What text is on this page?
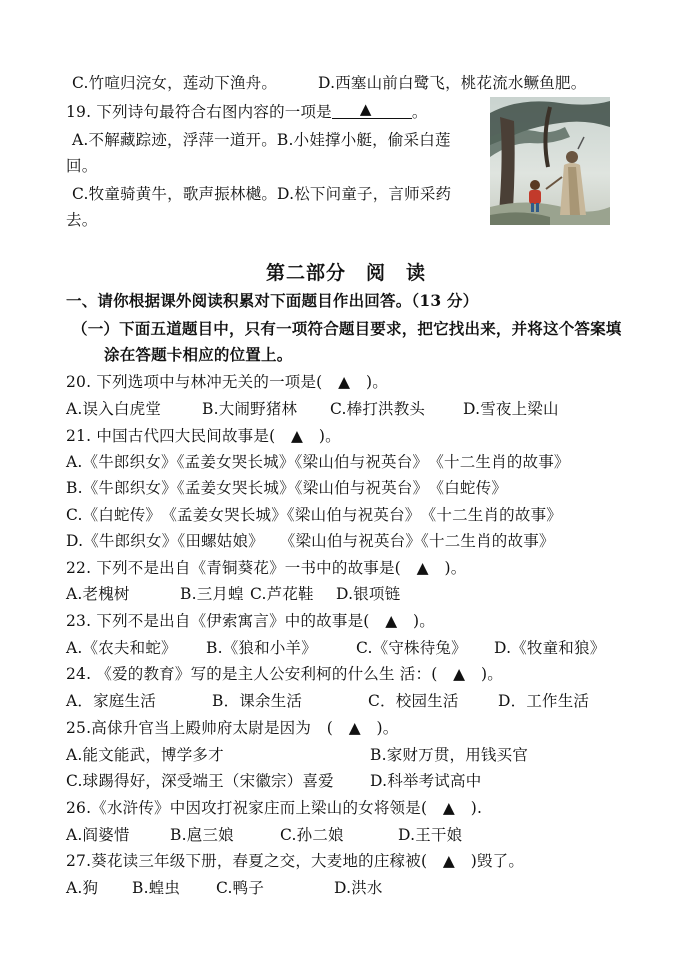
C.竹喧归浣女，莲动下渔舟。	D.西塞山前白鹭飞，桃花流水鳜鱼肥。
19. 下列诗句最符合右图内容的一项是 ▲	。
A.不解藏踪迹，浮萍一道开。B.小娃撑小艇，偷采白莲
回。
C.牧童骑黄牛，歌声振林樾。D.松下问童子，言师采药
去。
第二部分 阅 读
一、请你根据课外阅读积累对下面题目作出回答。（13 分）
（一）下面五道题目中，只有一项符合题目要求，把它找出来，并将这个答案填
涂在答题卡相应的位置上。
20. 下列选项中与林冲无关的一项是(　▲　)。
A.误入白虎堂	B.大闹野猪林 C.棒打洪教头 D.雪夜上梁山
21. 中国古代四大民间故事是(　▲　)。
A.《牛郎织女》《孟姜女哭长城》《梁山伯与祝英台》　《十二生肖的故事》
B.《牛郎织女》《孟姜女哭长城》《梁山伯与祝英台》　《白蛇传》
C.《白蛇传》　《孟姜女哭长城》《梁山伯与祝英台》　《十二生肖的故事》
D.《牛郎织女》《田螺姑娘》　　《梁山伯与祝英台》《十二生肖的故事》
22. 下列不是出自《青铜葵花》一书中的故事是(　▲　)。
A.老槐树	B.三月蝗 C.芦花鞋 D.银项链
23. 下列不是出自《伊索寓言》中的故事是(　▲　)。
A.《农夫和蛇》 B.《狼和小羊》	C.《守株待兔》 D.《牧童和狼》
24. 《爱的教育》写的是主人公安利柯的什么生 活：(　▲　)。
A．家庭生活	B．课余生活	C．校园生活	D．工作生活
25.高俅升官当上殿帅府太尉是因为　(　▲　)。
A.能文能武，博学多才	B.家财万贯，用钱买官
C.球踢得好，深受端王（宋徽宗）喜爱 D.科举考试高中
26.《水浒传》中因攻打祝家庄而上梁山的女将领是(　▲　).
A.阎婆惜	B.扈三娘	C.孙二娘	D.王干娘
27.葵花读三年级下册，春夏之交，大麦地的庄稼被(　▲　)毁了。
A.狗 B.蝗虫 C.鸭子	D.洪水
